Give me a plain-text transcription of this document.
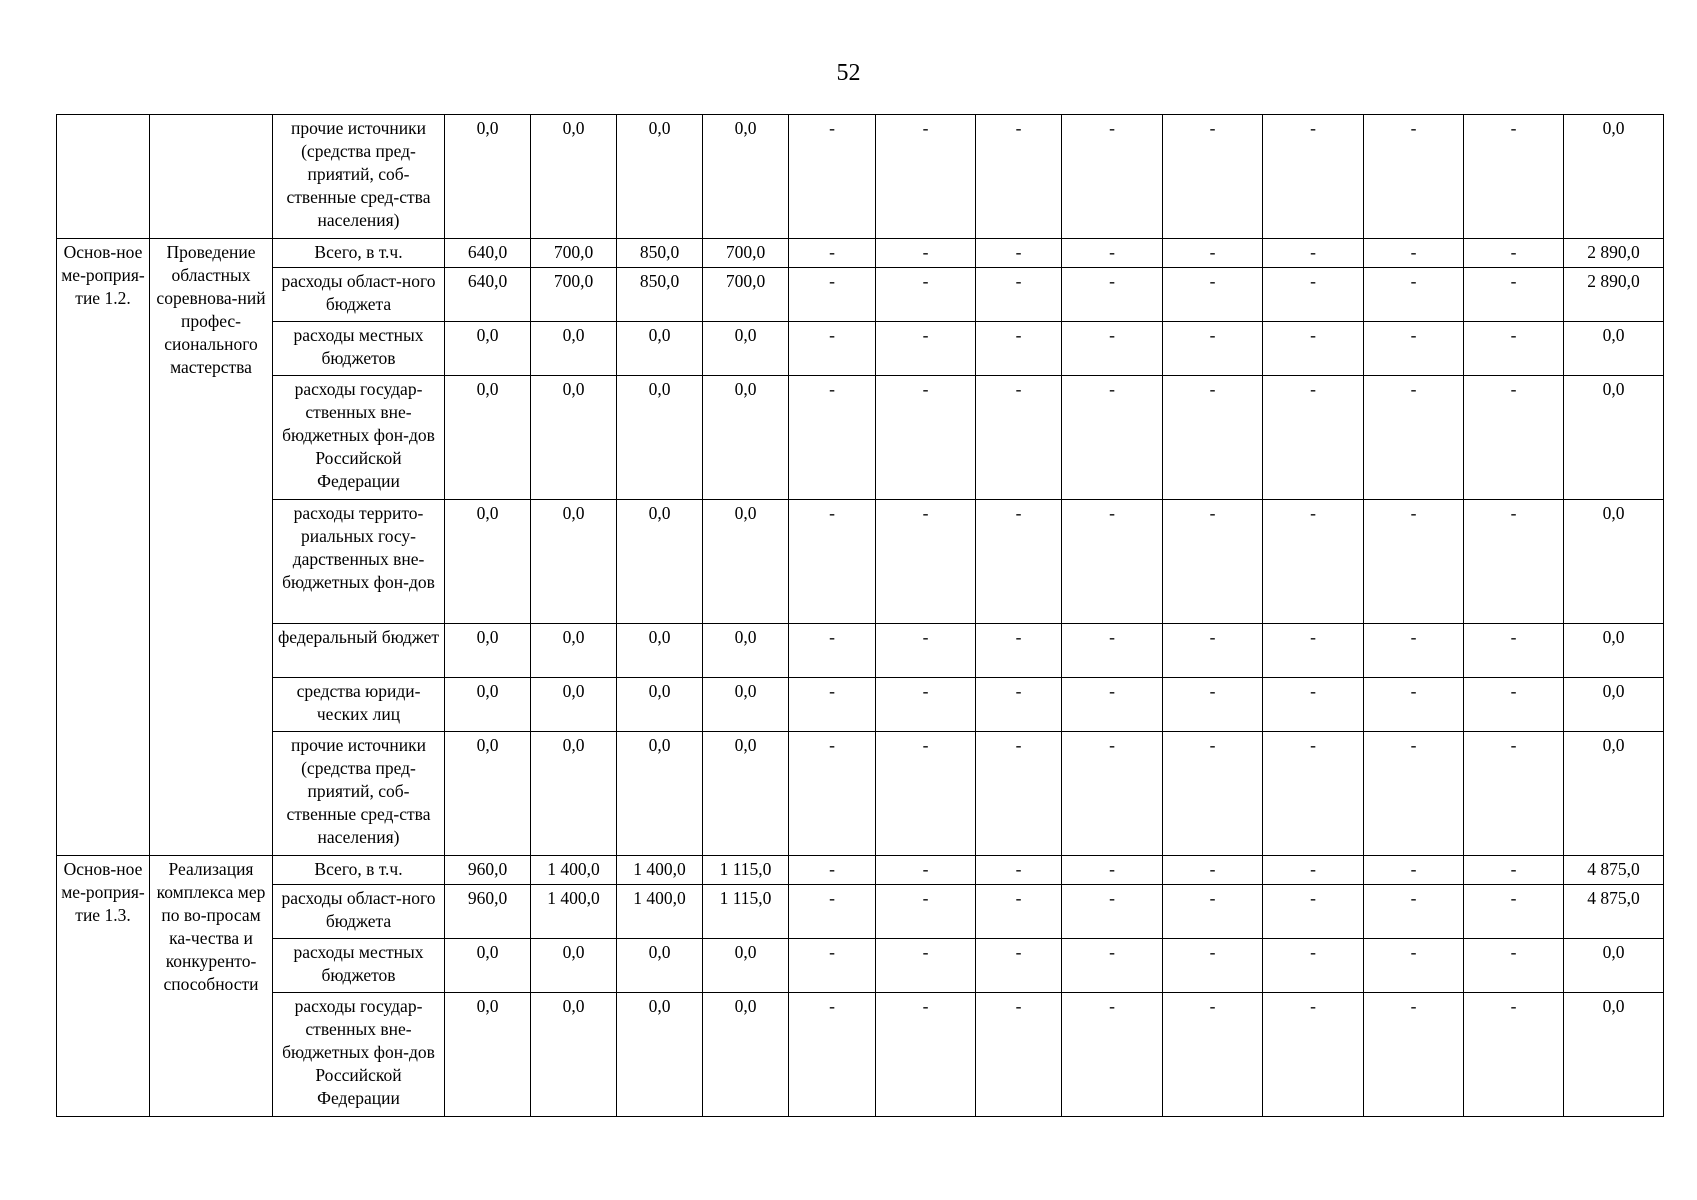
52
		прочие источники (средства пред-приятий, соб-ственные сред-ства населения)	0,0	0,0	0,0	0,0	-	-	-	-	-	-	-	-	0,0
Основ-ное ме-роприя-тие 1.2.	Проведение областных соревнова-ний профес-сионального мастерства	Всего, в т.ч.	640,0	700,0	850,0	700,0	-	-	-	-	-	-	-	-	2 890,0
		расходы област-ного бюджета	640,0	700,0	850,0	700,0	-	-	-	-	-	-	-	-	2 890,0
		расходы местных бюджетов	0,0	0,0	0,0	0,0	-	-	-	-	-	-	-	-	0,0
		расходы государ-ственных вне-бюджетных фон-дов Российской Федерации	0,0	0,0	0,0	0,0	-	-	-	-	-	-	-	-	0,0
		расходы террито-риальных госу-дарственных вне-бюджетных фон-дов	0,0	0,0	0,0	0,0	-	-	-	-	-	-	-	-	0,0
		федеральный бюджет	0,0	0,0	0,0	0,0	-	-	-	-	-	-	-	-	0,0
		средства юриди-ческих лиц	0,0	0,0	0,0	0,0	-	-	-	-	-	-	-	-	0,0
		прочие источники (средства пред-приятий, соб-ственные сред-ства населения)	0,0	0,0	0,0	0,0	-	-	-	-	-	-	-	-	0,0
Основ-ное ме-роприя-тие 1.3.	Реализация комплекса мер по во-просам ка-чества и конкуренто-способности	Всего, в т.ч.	960,0	1 400,0	1 400,0	1 115,0	-	-	-	-	-	-	-	-	4 875,0
		расходы област-ного бюджета	960,0	1 400,0	1 400,0	1 115,0	-	-	-	-	-	-	-	-	4 875,0
		расходы местных бюджетов	0,0	0,0	0,0	0,0	-	-	-	-	-	-	-	-	0,0
		расходы государ-ственных вне-бюджетных фон-дов Российской Федерации	0,0	0,0	0,0	0,0	-	-	-	-	-	-	-	-	0,0
